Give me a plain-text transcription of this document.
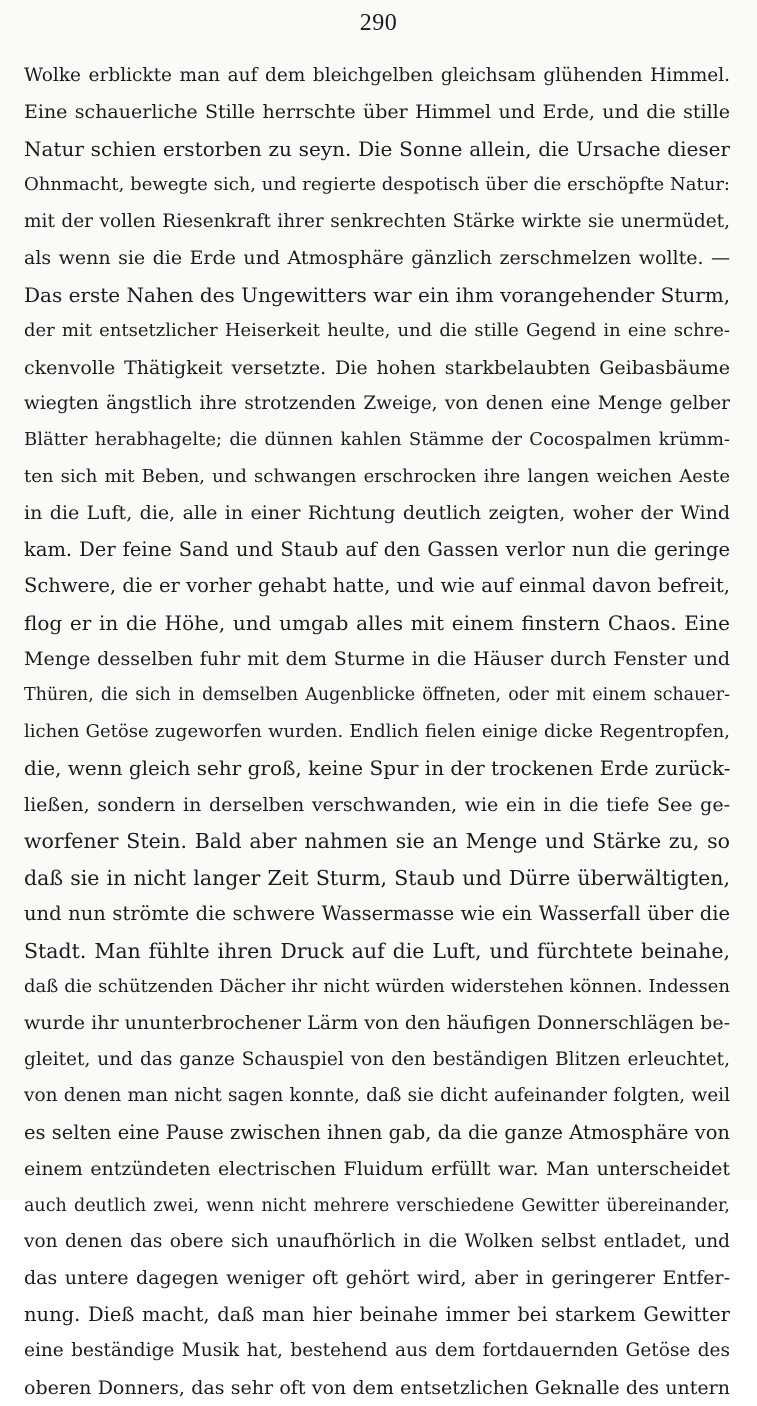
290
Wolke erblickte man auf dem bleichgelben gleichsam glühenden Himmel.
Eine schauerliche Stille herrschte über Himmel und Erde, und die stille
Natur schien erstorben zu seyn. Die Sonne allein, die Ursache dieser
Ohnmacht, bewegte sich, und regierte despotisch über die erschöpfte Natur:
mit der vollen Riesenkraft ihrer senkrechten Stärke wirkte sie unermüdet,
als wenn sie die Erde und Atmosphäre gänzlich zerschmelzen wollte. —
Das erste Nahen des Ungewitters war ein ihm vorangehender Sturm,
der mit entsetzlicher Heiserkeit heulte, und die stille Gegend in eine schre-
ckenvolle Thätigkeit versetzte. Die hohen starkbelaubten Geibasbäume
wiegten ängstlich ihre strotzenden Zweige, von denen eine Menge gelber
Blätter herabhagelte; die dünnen kahlen Stämme der Cocospalmen krümm-
ten sich mit Beben, und schwangen erschrocken ihre langen weichen Aeste
in die Luft, die, alle in einer Richtung deutlich zeigten, woher der Wind
kam. Der feine Sand und Staub auf den Gassen verlor nun die geringe
Schwere, die er vorher gehabt hatte, und wie auf einmal davon befreit,
flog er in die Höhe, und umgab alles mit einem finstern Chaos. Eine
Menge desselben fuhr mit dem Sturme in die Häuser durch Fenster und
Thüren, die sich in demselben Augenblicke öffneten, oder mit einem schauer-
lichen Getöse zugeworfen wurden. Endlich fielen einige dicke Regentropfen,
die, wenn gleich sehr groß, keine Spur in der trockenen Erde zurück-
ließen, sondern in derselben verschwanden, wie ein in die tiefe See ge-
worfener Stein. Bald aber nahmen sie an Menge und Stärke zu, so
daß sie in nicht langer Zeit Sturm, Staub und Dürre überwältigten,
und nun strömte die schwere Wassermasse wie ein Wasserfall über die
Stadt. Man fühlte ihren Druck auf die Luft, und fürchtete beinahe,
daß die schützenden Dächer ihr nicht würden widerstehen können. Indessen
wurde ihr ununterbrochener Lärm von den häufigen Donnerschlägen be-
gleitet, und das ganze Schauspiel von den beständigen Blitzen erleuchtet,
von denen man nicht sagen konnte, daß sie dicht aufeinander folgten, weil
es selten eine Pause zwischen ihnen gab, da die ganze Atmosphäre von
einem entzündeten electrischen Fluidum erfüllt war. Man unterscheidet
auch deutlich zwei, wenn nicht mehrere verschiedene Gewitter übereinander,
von denen das obere sich unaufhörlich in die Wolken selbst entladet, und
das untere dagegen weniger oft gehört wird, aber in geringerer Entfer-
nung. Dieß macht, daß man hier beinahe immer bei starkem Gewitter
eine beständige Musik hat, bestehend aus dem fortdauernden Getöse des
oberen Donners, das sehr oft von dem entsetzlichen Geknalle des untern
